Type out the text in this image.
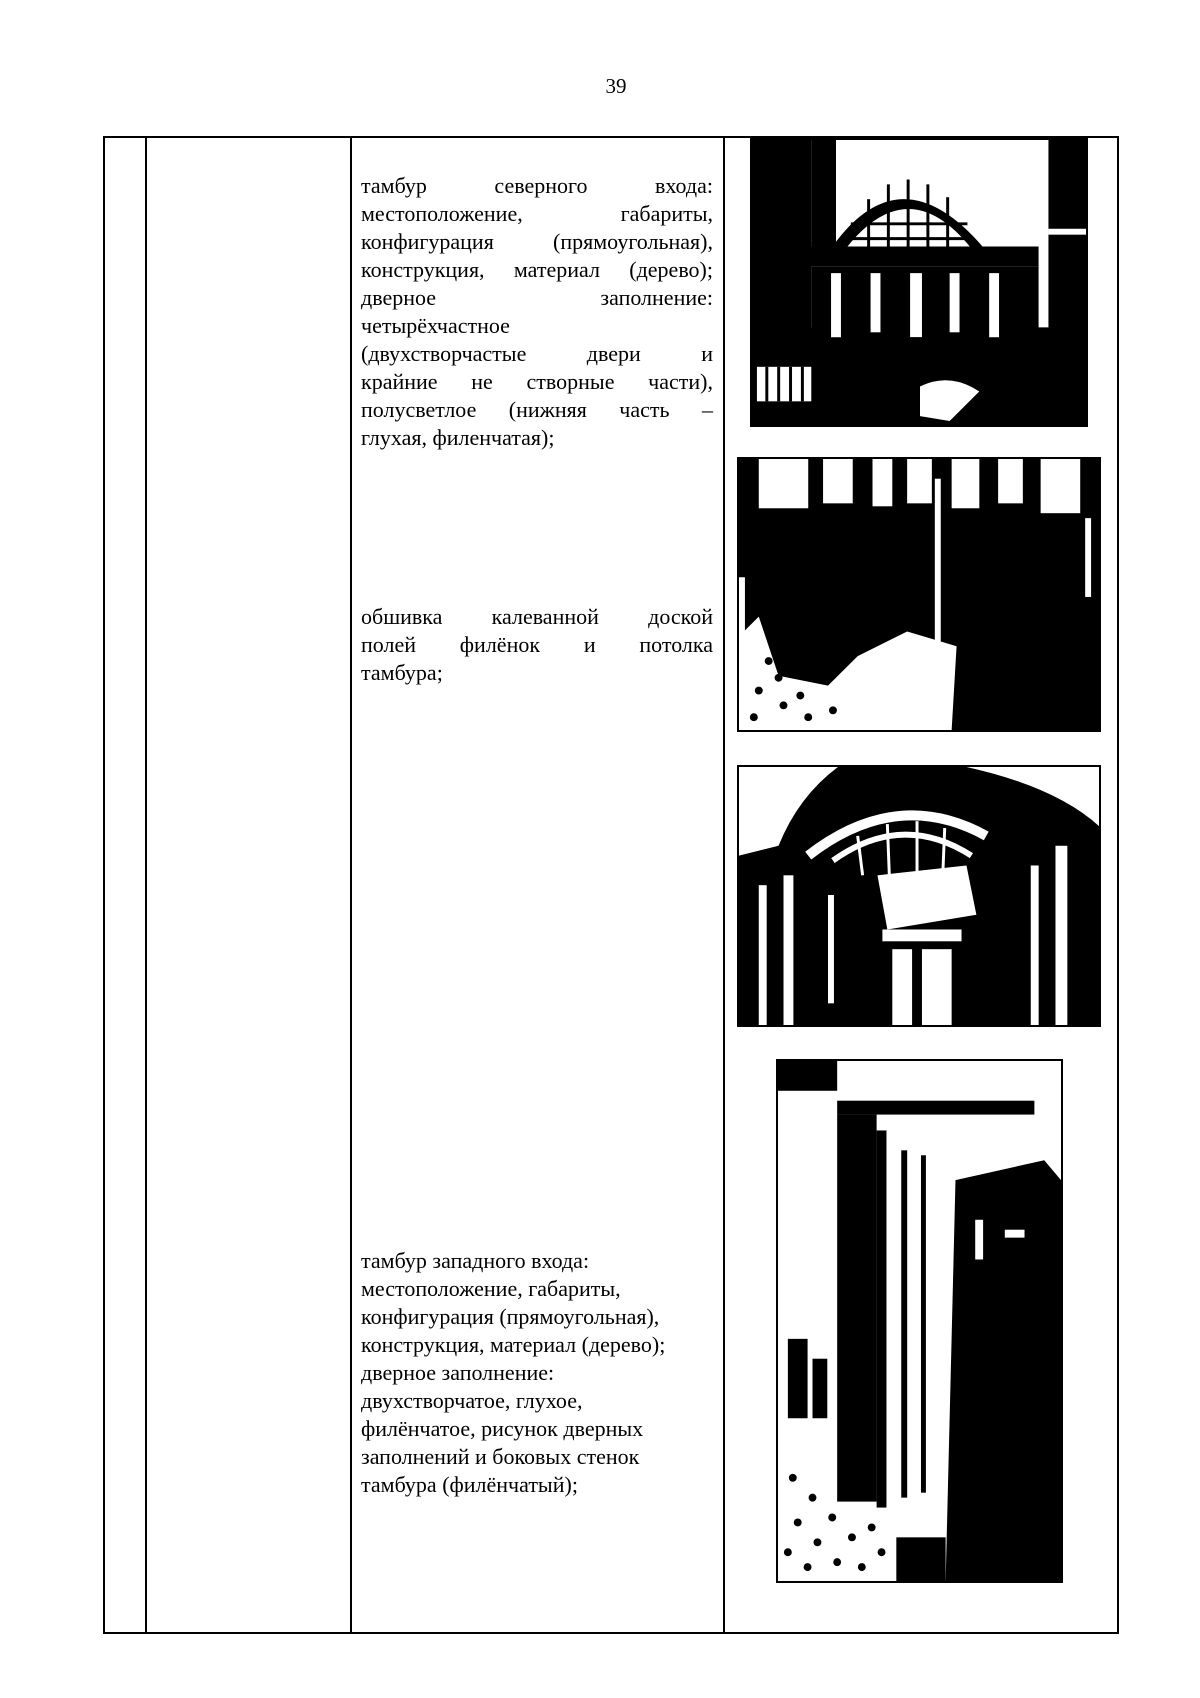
39
тамбур северного входа:
местоположение, габариты,
конфигурация (прямоугольная),
конструкция, материал (дерево);
дверное заполнение:
четырёхчастное
(двухстворчастые двери и
крайние не створные части),
полусветлое (нижняя часть –
глухая, филенчатая);
обшивка калеванной доской
полей филёнок и потолка
тамбура;
тамбур западного входа:
местоположение, габариты,
конфигурация (прямоугольная),
конструкция, материал (дерево);
дверное заполнение:
двухстворчатое, глухое,
филёнчатое, рисунок дверных
заполнений и боковых стенок
тамбура (филёнчатый);
